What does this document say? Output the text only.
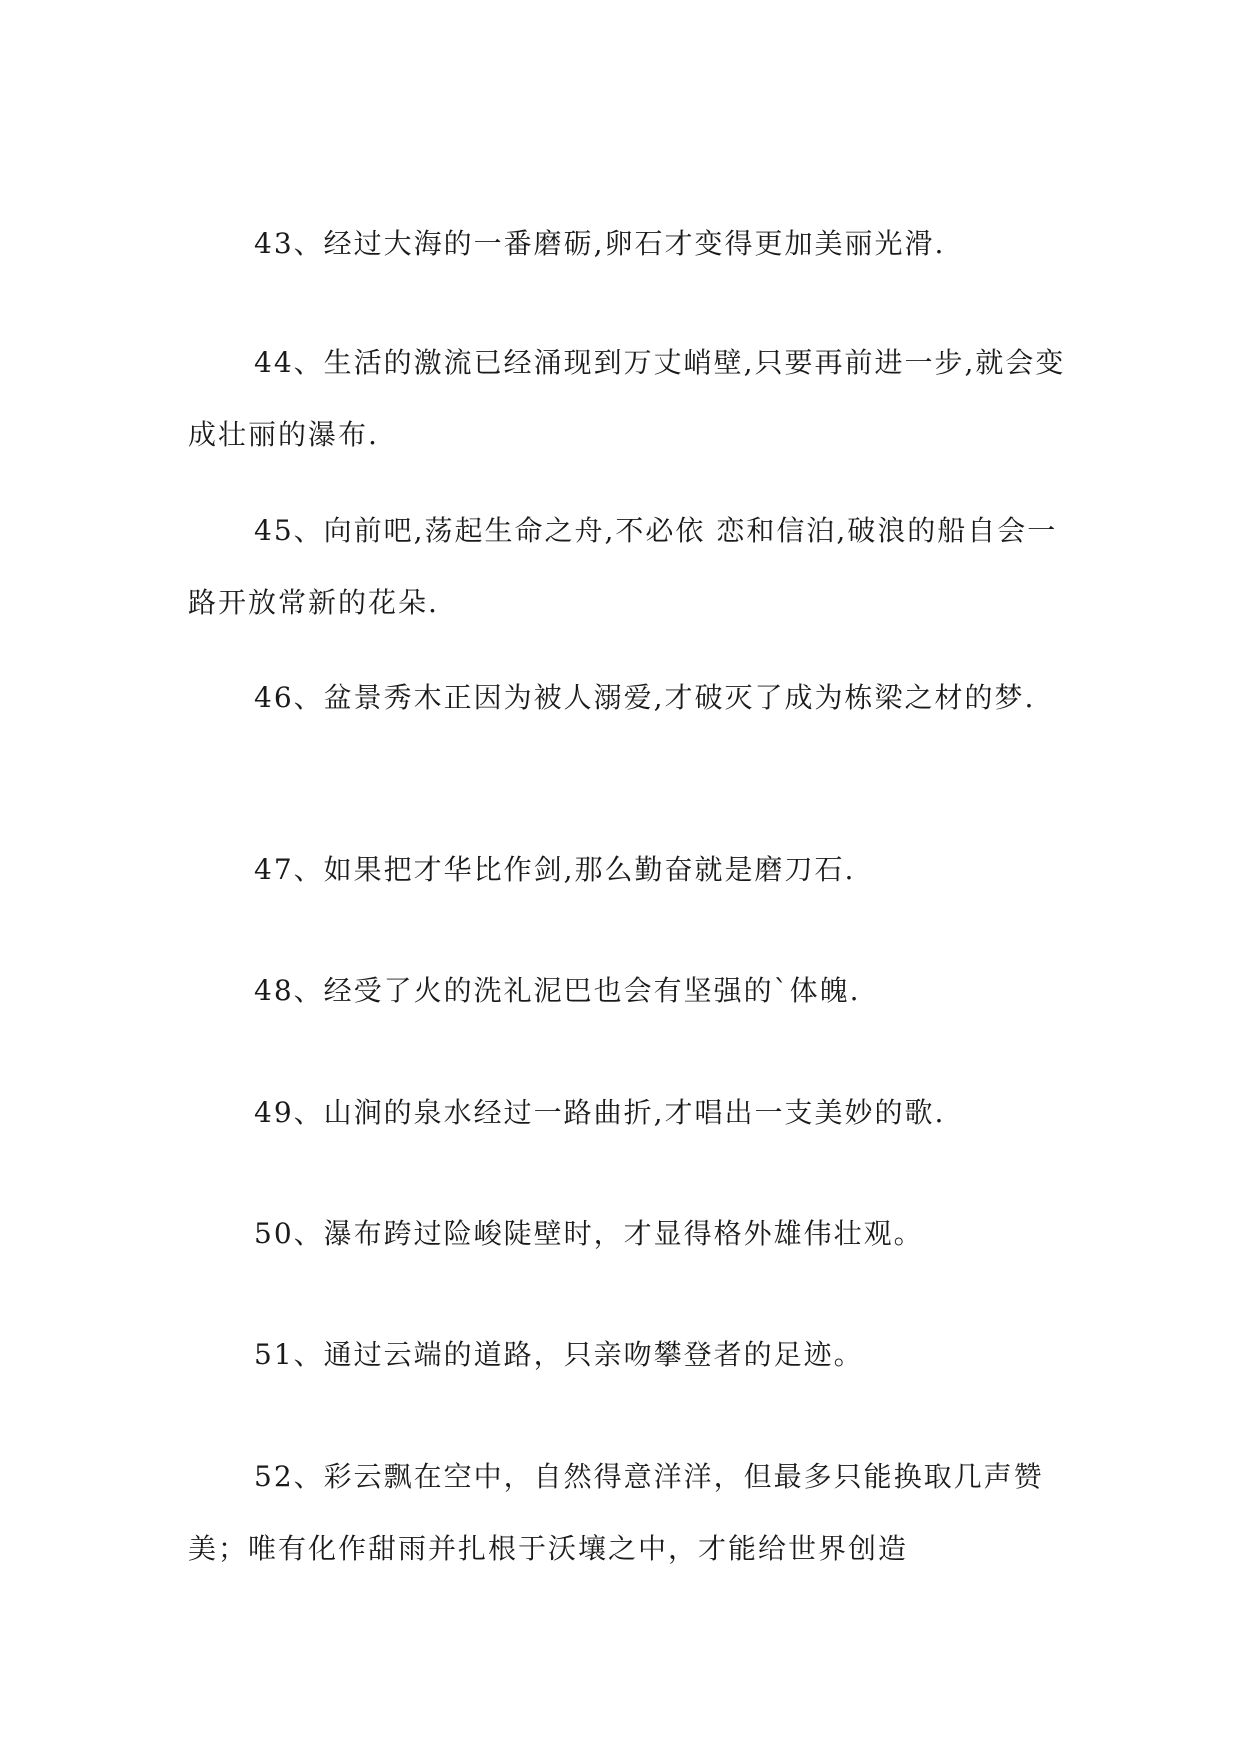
43、经过大海的一番磨砺,卵石才变得更加美丽光滑.

44、生活的激流已经涌现到万丈峭壁,只要再前进一步,就会变成壮丽的瀑布.

45、向前吧,荡起生命之舟,不必依 恋和信泊,破浪的船自会一路开放常新的花朵.

46、盆景秀木正因为被人溺爱,才破灭了成为栋梁之材的梦.

47、如果把才华比作剑,那么勤奋就是磨刀石.

48、经受了火的洗礼泥巴也会有坚强的`体魄.

49、山涧的泉水经过一路曲折,才唱出一支美妙的歌.

50、瀑布跨过险峻陡壁时，才显得格外雄伟壮观。

51、通过云端的道路，只亲吻攀登者的足迹。

52、彩云飘在空中，自然得意洋洋，但最多只能换取几声赞美；唯有化作甜雨并扎根于沃壤之中，才能给世界创造
